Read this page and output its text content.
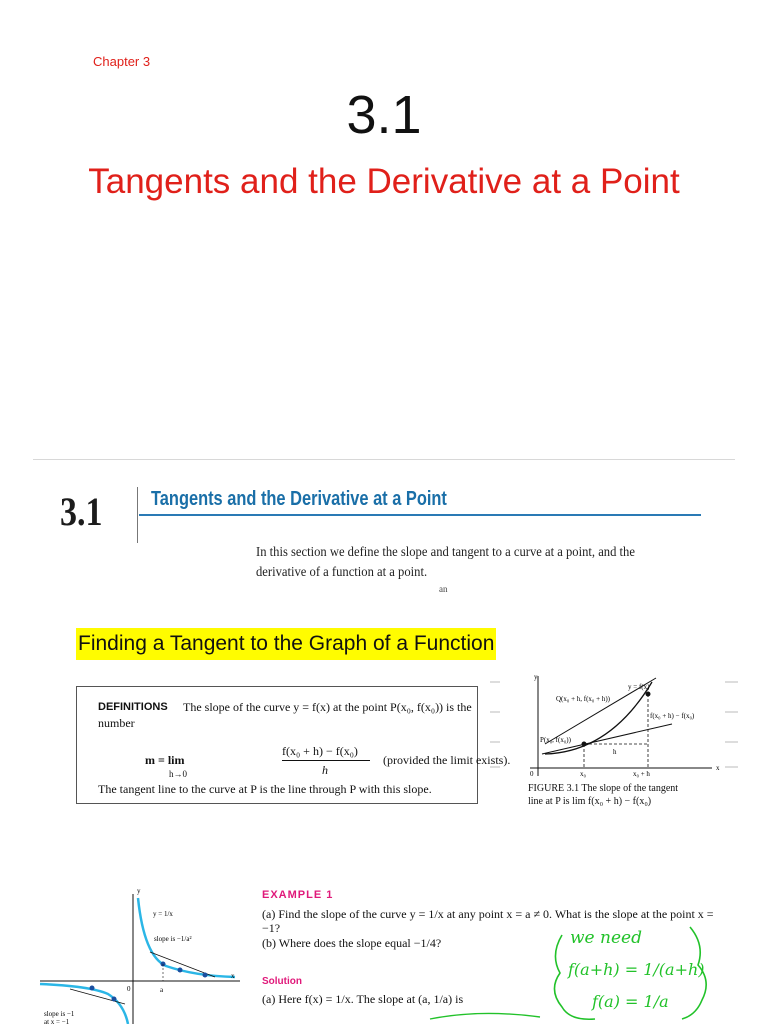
Chapter 3
3.1
Tangents and the Derivative at a Point
3.1 Tangents and the Derivative at a Point
In this section we define the slope and tangent to a curve at a point, and the derivative of a function at a point.
an
Finding a Tangent to the Graph of a Function
DEFINITIONS The slope of the curve y = f(x) at the point P(x₀, f(x₀)) is the
number
m = lim
h→0
f(x₀ + h) − f(x₀)
h
(provided the limit exists).
The tangent line to the curve at P is the line through P with this slope.
y = f(x)
Q(x₀ + h, f(x₀ + h))
f(x₀ + h) − f(x₀)
P(x₀, f(x₀))
h
0	x₀	x₀ + h
x
y
FIGURE 3.1 The slope of the tangent
line at P is lim f(x₀ + h) − f(x₀)
y
x
0	a
y = 1/x
slope is −1/a²
slope is −1
at x = −1
EXAMPLE 1
(a) Find the slope of the curve y = 1/x at any point x = a ≠ 0. What is the slope at the point x = −1?
(b) Where does the slope equal −1/4?
Solution
(a) Here f(x) = 1/x. The slope at (a, 1/a) is
we need
f(a+h) = 1/(a+h)
f(a) = 1/a
